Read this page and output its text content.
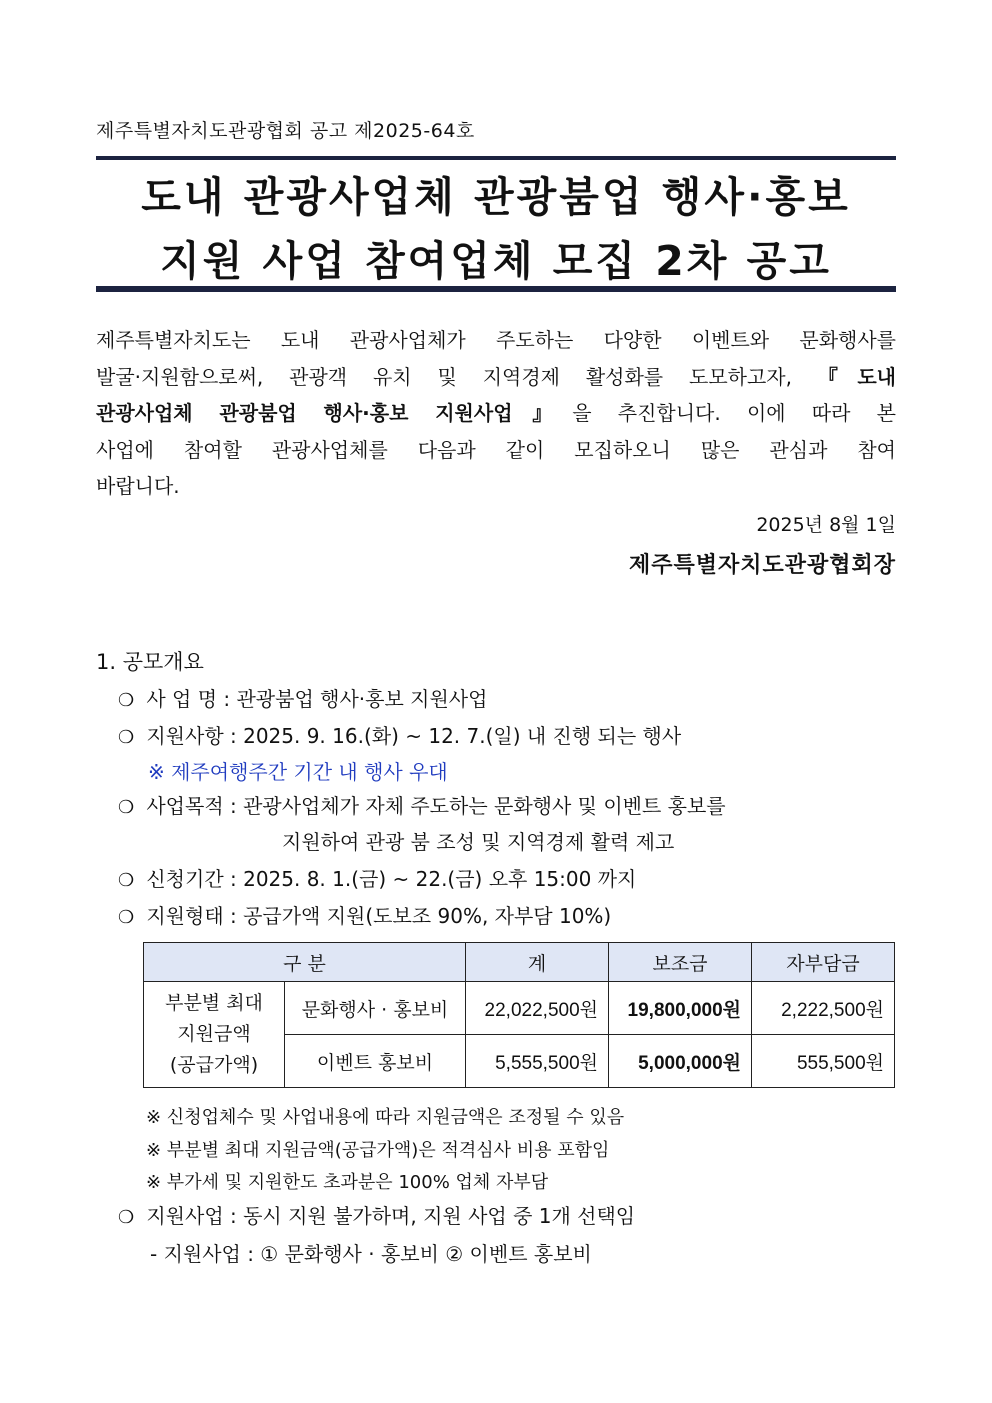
제주특별자치도관광협회 공고 제2025-64호
도내 관광사업체 관광붐업 행사·홍보
지원 사업 참여업체 모집 2차 공고
제주특별자치도는 도내 관광사업체가 주도하는 다양한 이벤트와 문화행사를
발굴·지원함으로써, 관광객 유치 및 지역경제 활성화를 도모하고자, 『도내
관광사업체 관광붐업 행사·홍보 지원사업』을 추진합니다. 이에 따라 본
사업에 참여할 관광사업체를 다음과 같이 모집하오니 많은 관심과 참여
바랍니다.
2025년 8월 1일
제주특별자치도관광협회장
1. 공모개요
❍ 사 업 명 : 관광붐업 행사·홍보 지원사업
❍ 지원사항 : 2025. 9. 16.(화) ~ 12. 7.(일) 내 진행 되는 행사
※ 제주여행주간 기간 내 행사 우대
❍ 사업목적 : 관광사업체가 자체 주도하는 문화행사 및 이벤트 홍보를
지원하여 관광 붐 조성 및 지역경제 활력 제고
❍ 신청기간 : 2025. 8. 1.(금) ~ 22.(금) 오후 15:00 까지
❍ 지원형태 : 공급가액 지원(도보조 90%, 자부담 10%)
구 분		계	보조금	자부담금

부분별 최대
지원금액
(공급가액)	문화행사 · 홍보비	22,022,500원	19,800,000원	2,222,500원
	이벤트 홍보비	5,555,500원	5,000,000원	555,500원
※ 신청업체수 및 사업내용에 따라 지원금액은 조정될 수 있음
※ 부분별 최대 지원금액(공급가액)은 적격심사 비용 포함임
※ 부가세 및 지원한도 초과분은 100% 업체 자부담
❍ 지원사업 : 동시 지원 불가하며, 지원 사업 중 1개 선택임
- 지원사업 : ① 문화행사 · 홍보비 ② 이벤트 홍보비
